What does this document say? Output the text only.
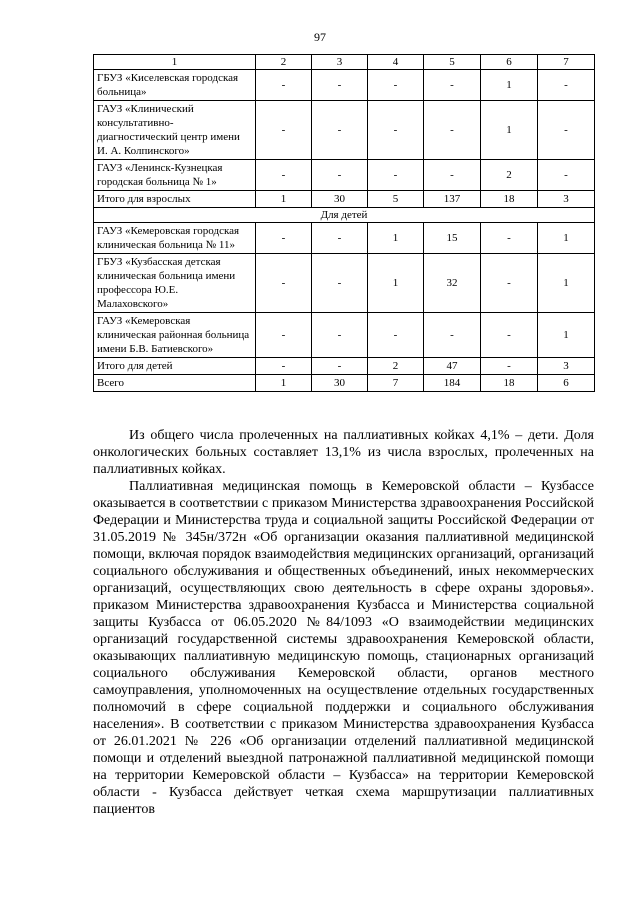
97
1	2	3	4	5	6	7
ГБУЗ «Киселевская городская больница»	-	-	-	-	1	-
ГАУЗ «Клинический консультативно-диагностический центр имени И. А. Колпинского»	-	-	-	-	1	-
ГАУЗ «Ленинск-Кузнецкая городская больница № 1»	-	-	-	-	2	-
Итого для взрослых	1	30	5	137	18	3
Для детей						
ГАУЗ «Кемеровская городская клиническая больница № 11»	-	-	1	15	-	1
ГБУЗ «Кузбасская детская клиническая больница имени профессора Ю.Е. Малаховского»	-	-	1	32	-	1
ГАУЗ «Кемеровская клиническая районная больница имени Б.В. Батиевского»	-	-	-	-	-	1
Итого для детей	-	-	2	47	-	3
Всего	1	30	7	184	18	6

Из общего числа пролеченных на паллиативных койках 4,1% – дети. Доля онкологических больных составляет 13,1% из числа взрослых, пролеченных на паллиативных койках.

Паллиативная медицинская помощь в Кемеровской области – Кузбассе оказывается в соответствии с приказом Министерства здравоохранения Российской Федерации и Министерства труда и социальной защиты Российской Федерации от 31.05.2019 № 345н/372н «Об организации оказания паллиативной медицинской помощи, включая порядок взаимодействия медицинских организаций, организаций социального обслуживания и общественных объединений, иных некоммерческих организаций, осуществляющих свою деятельность в сфере охраны здоровья». приказом Министерства здравоохранения Кузбасса и Министерства социальной защиты Кузбасса от 06.05.2020 №84/1093 «О взаимодействии медицинских организаций государственной системы здравоохранения Кемеровской области, оказывающих паллиативную медицинскую помощь, стационарных организаций социального обслуживания Кемеровской области, органов местного самоуправления, уполномоченных на осуществление отдельных государственных полномочий в сфере социальной поддержки и социального обслуживания населения». В соответствии с приказом Министерства здравоохранения Кузбасса от 26.01.2021 № 226 «Об организации отделений паллиативной медицинской помощи и отделений выездной патронажной паллиативной медицинской помощи на территории Кемеровской области – Кузбасса» на территории Кемеровской области - Кузбасса действует четкая схема маршрутизации паллиативных пациентов
